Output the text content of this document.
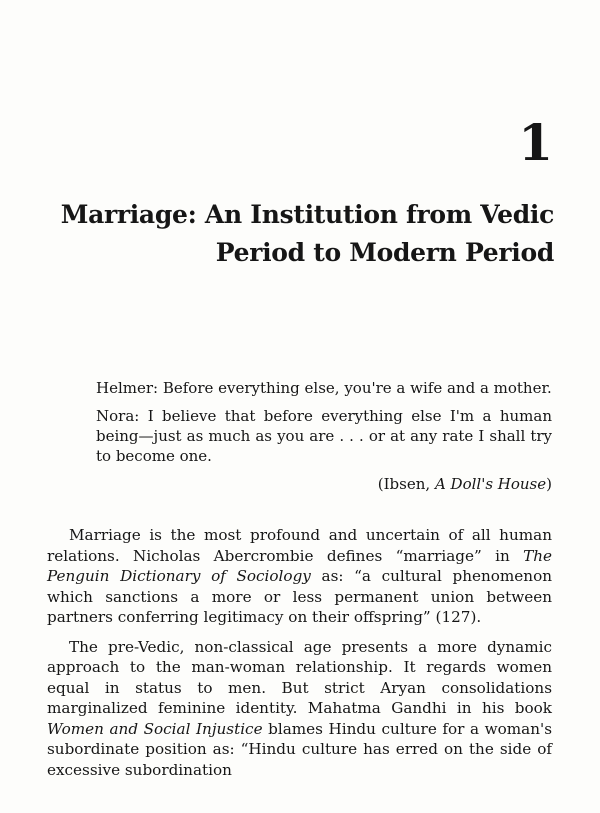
1
Marriage: An Institution from Vedic
Period to Modern Period

Helmer: Before everything else, you're a wife and a mother.

Nora: I believe that before everything else I'm a human being—just as much as you are . . . or at any rate I shall try to become one.

(Ibsen, A Doll's House)

Marriage is the most profound and uncertain of all human relations. Nicholas Abercrombie defines “marriage” in The Penguin Dictionary of Sociology as: “a cultural phenomenon which sanctions a more or less permanent union between partners conferring legitimacy on their offspring” (127).

The pre-Vedic, non-classical age presents a more dynamic approach to the man-woman relationship. It regards women equal in status to men. But strict Aryan consolidations marginalized feminine identity. Mahatma Gandhi in his book Women and Social Injustice blames Hindu culture for a woman's subordinate position as: “Hindu culture has erred on the side of excessive subordination
